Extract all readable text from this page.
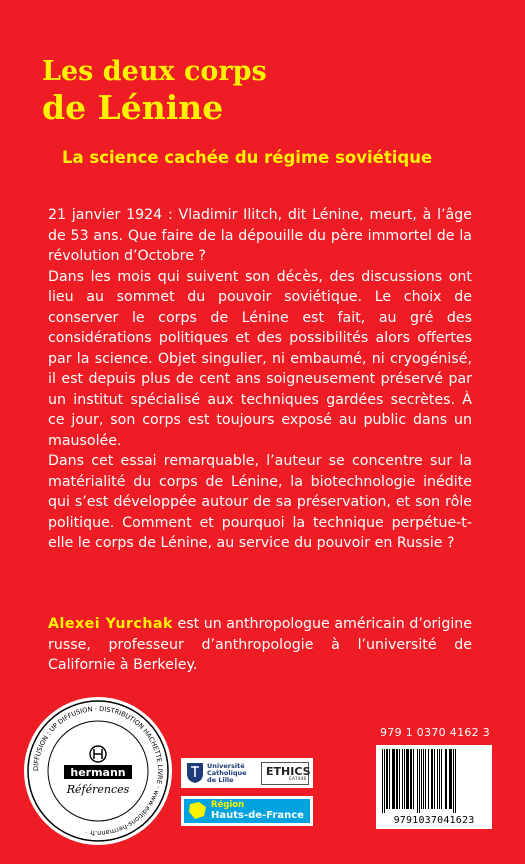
Les deux corps
de Lénine
La science cachée du régime soviétique

21 janvier 1924 : Vladimir Ilitch, dit Lénine, meurt, à l’âge de 53 ans. Que faire de la dépouille du père immortel de la révolution d’Octobre ?

Dans les mois qui suivent son décès, des discussions ont lieu au sommet du pouvoir soviétique. Le choix de conserver le corps de Lénine est fait, au gré des considérations politiques et des possibilités alors offertes par la science. Objet singulier, ni embaumé, ni cryogénisé, il est depuis plus de cent ans soigneusement préservé par un institut spécialisé aux techniques gardées secrètes. À ce jour, son corps est toujours exposé au public dans un mausolée.

Dans cet essai remarquable, l’auteur se concentre sur la matérialité du corps de Lénine, la biotechnologie inédite qui s’est développée autour de sa préservation, et son rôle politique. Comment et pourquoi la technique perpétue-t-elle le corps de Lénine, au service du pouvoir en Russie ?

Alexei Yurchak est un anthropologue américain d’origine russe, professeur d’anthropologie à l’université de Californie à Berkeley.
DIFFUSION : UP DIFFUSION · DISTRIBUTION HACHETTE LIVRE · www.editions-hermann.fr ·
hermann
Références
Université Catholique de Lille
ETHICS
EA7446
Région
Hauts-de-France
979 1 0370 4162 3
9791037041623
